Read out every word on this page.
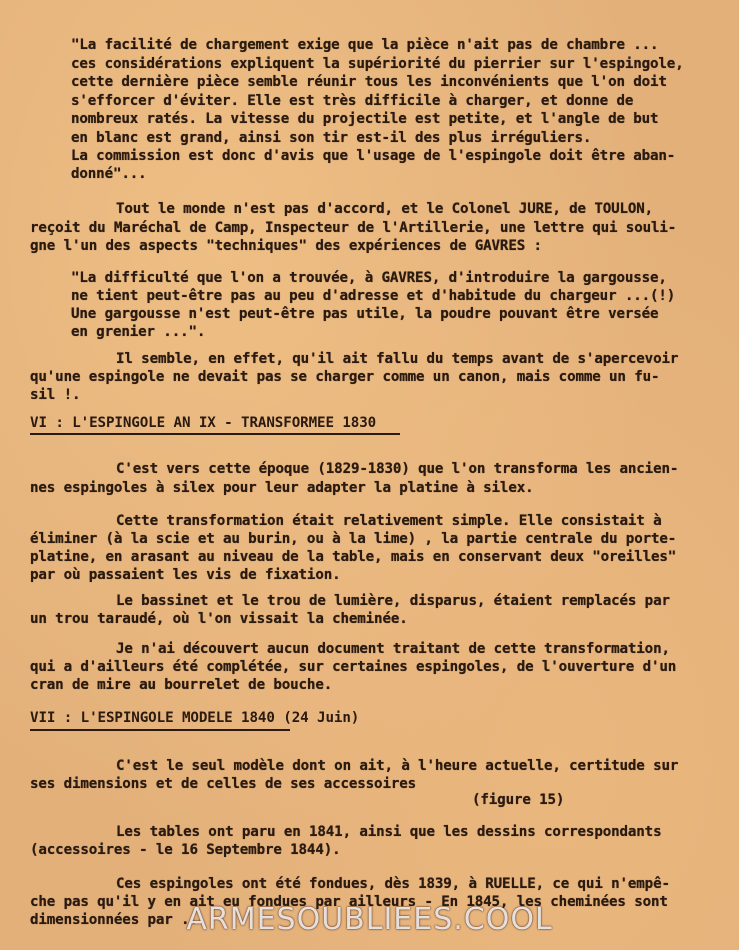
"La facilité de chargement exige que la pièce n'ait pas de chambre ...
ces considérations expliquent la supériorité du pierrier sur l'espingole,
cette dernière pièce semble réunir tous les inconvénients que l'on doit
s'efforcer d'éviter. Elle est très difficile à charger, et donne de
nombreux ratés. La vitesse du projectile est petite, et l'angle de but
en blanc est grand, ainsi son tir est-il des plus irréguliers.
La commission est donc d'avis que l'usage de l'espingole doit être aban-
donné"...
Tout le monde n'est pas d'accord, et le Colonel JURE, de TOULON,
reçoit du Maréchal de Camp, Inspecteur de l'Artillerie, une lettre qui souli-
gne l'un des aspects "techniques" des expériences de GAVRES :
"La difficulté que l'on a trouvée, à GAVRES, d'introduire la gargousse,
ne tient peut-être pas au peu d'adresse et d'habitude du chargeur ...(!)
Une gargousse n'est peut-être pas utile, la poudre pouvant être versée
en grenier ...".
Il semble, en effet, qu'il ait fallu du temps avant de s'apercevoir
qu'une espingole ne devait pas se charger comme un canon, mais comme un fu-
sil !.
VI : L'ESPINGOLE AN IX - TRANSFORMEE 1830
C'est vers cette époque (1829-1830) que l'on transforma les ancien-
nes espingoles à silex pour leur adapter la platine à silex.
Cette transformation était relativement simple. Elle consistait à
éliminer (à la scie et au burin, ou à la lime) , la partie centrale du porte-
platine, en arasant au niveau de la table, mais en conservant deux "oreilles"
par où passaient les vis de fixation.
Le bassinet et le trou de lumière, disparus, étaient remplacés par
un trou taraudé, où l'on vissait la cheminée.
Je n'ai découvert aucun document traitant de cette transformation,
qui a d'ailleurs été complétée, sur certaines espingoles, de l'ouverture d'un
cran de mire au bourrelet de bouche.
VII : L'ESPINGOLE MODELE 1840 (24 Juin)
C'est le seul modèle dont on ait, à l'heure actuelle, certitude sur
ses dimensions et de celles de ses accessoires
(figure 15)
Les tables ont paru en 1841, ainsi que les dessins correspondants
(accessoires - le 16 Septembre 1844).
Ces espingoles ont été fondues, dès 1839, à RUELLE, ce qui n'empê-
che pas qu'il y en ait eu fondues par ailleurs - En 1845, les cheminées sont
dimensionnées par ...
ARMESOUBLIEES.COOL
